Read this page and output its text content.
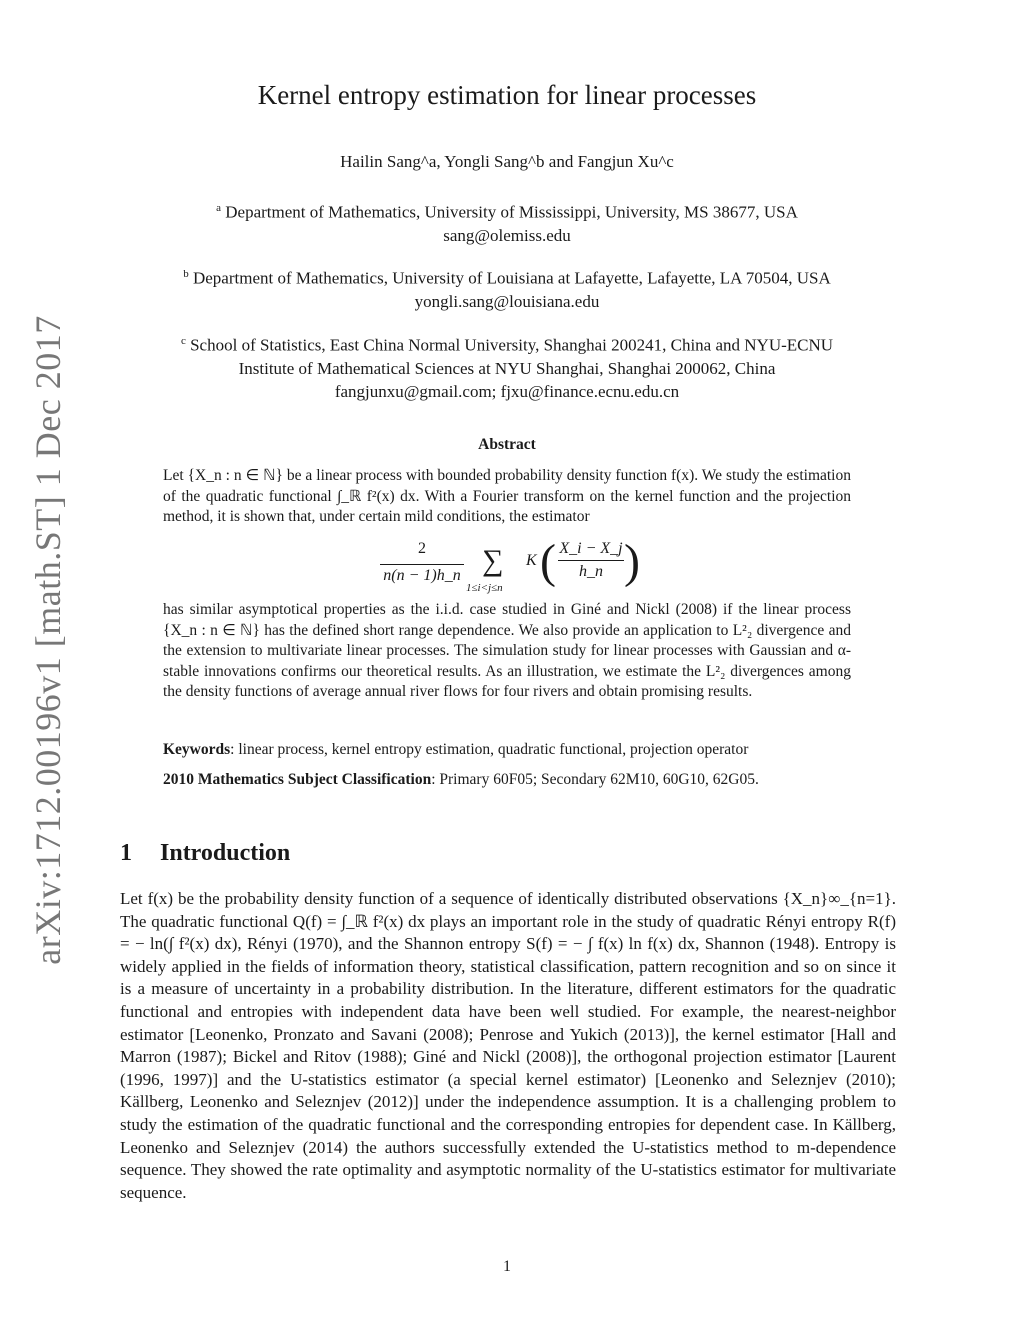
arXiv:1712.00196v1 [math.ST] 1 Dec 2017
Kernel entropy estimation for linear processes
Hailin Sang^a, Yongli Sang^b and Fangjun Xu^c
$^a$ Department of Mathematics, University of Mississippi, University, MS 38677, USA
sang@olemiss.edu
$^b$ Department of Mathematics, University of Louisiana at Lafayette, Lafayette, LA 70504, USA
yongli.sang@louisiana.edu
$^c$ School of Statistics, East China Normal University, Shanghai 200241, China and NYU-ECNU
Institute of Mathematical Sciences at NYU Shanghai, Shanghai 200062, China
fangjunxu@gmail.com; fjxu@finance.ecnu.edu.cn
Abstract
Let {X_n : n ∈ ℕ} be a linear process with bounded probability density function f(x). We study the estimation of the quadratic functional ∫_ℝ f²(x) dx. With a Fourier transform on the kernel function and the projection method, it is shown that, under certain mild conditions, the estimator
2
n(n − 1)h_n ∑
1≤i<j≤n
K ( X_i − X_j
h_n )
has similar asymptotical properties as the i.i.d. case studied in Giné and Nickl (2008) if the linear process {X_n : n ∈ ℕ} has the defined short range dependence. We also provide an application to L²₂ divergence and the extension to multivariate linear processes. The simulation study for linear processes with Gaussian and α-stable innovations confirms our theoretical results. As an illustration, we estimate the L²₂ divergences among the density functions of average annual river flows for four rivers and obtain promising results.
Keywords: linear process, kernel entropy estimation, quadratic functional, projection operator
2010 Mathematics Subject Classification: Primary 60F05; Secondary 62M10, 60G10, 62G05.
1 Introduction
Let f(x) be the probability density function of a sequence of identically distributed observations {X_n}∞_{n=1}. The quadratic functional Q(f) = ∫_ℝ f²(x) dx plays an important role in the study of quadratic Rényi entropy R(f) = − ln(∫ f²(x) dx), Rényi (1970), and the Shannon entropy S(f) = − ∫ f(x) ln f(x) dx, Shannon (1948). Entropy is widely applied in the fields of information theory, statistical classification, pattern recognition and so on since it is a measure of uncertainty in a probability distribution. In the literature, different estimators for the quadratic functional and entropies with independent data have been well studied. For example, the nearest-neighbor estimator [Leonenko, Pronzato and Savani (2008); Penrose and Yukich (2013)], the kernel estimator [Hall and Marron (1987); Bickel and Ritov (1988); Giné and Nickl (2008)], the orthogonal projection estimator [Laurent (1996, 1997)] and the U-statistics estimator (a special kernel estimator) [Leonenko and Seleznjev (2010); Källberg, Leonenko and Seleznjev (2012)] under the independence assumption. It is a challenging problem to study the estimation of the quadratic functional and the corresponding entropies for dependent case. In Källberg, Leonenko and Seleznjev (2014) the authors successfully extended the U-statistics method to m-dependence sequence. They showed the rate optimality and asymptotic normality of the U-statistics estimator for multivariate sequence.
1
